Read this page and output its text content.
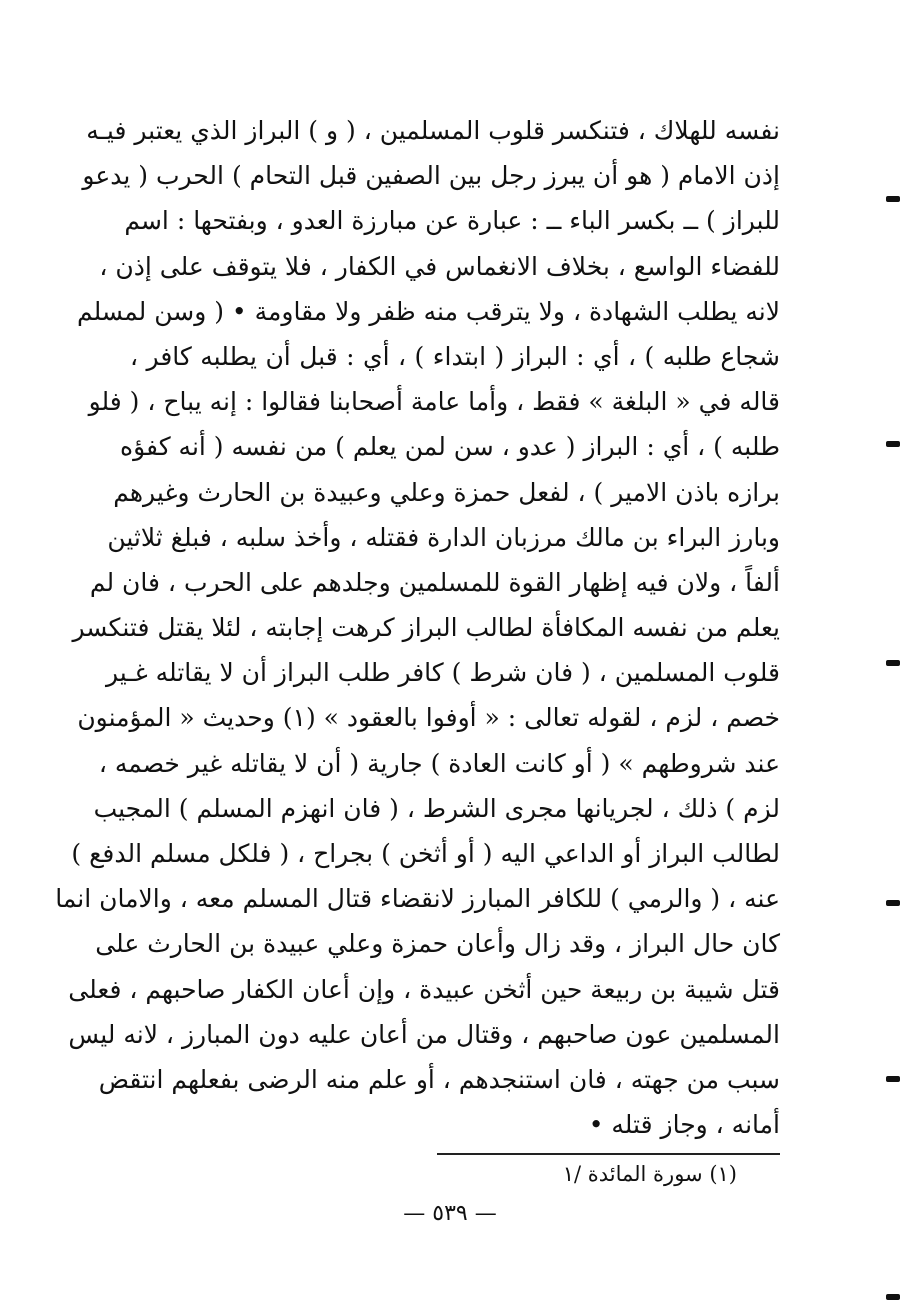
نفسه للهلاك ، فتنكسر قلوب المسلمين ، ( و ) البراز الذي يعتبر فيـه
إذن الامام ( هو أن يبرز رجل بين الصفين قبل التحام ) الحرب ( يدعو
للبراز ) ــ بكسر الباء ــ : عبارة عن مبارزة العدو ، وبفتحها : اسم
للفضاء الواسع ، بخلاف الانغماس في الكفار ، فلا يتوقف على إذن ،
لانه يطلب الشهادة ، ولا يترقب منه ظفر ولا مقاومة • ( وسن لمسلم
شجاع طلبه ) ، أي : البراز ( ابتداء ) ، أي : قبل أن يطلبه كافر ،
قاله في « البلغة » فقط ، وأما عامة أصحابنا فقالوا : إنه يباح ، ( فلو
طلبه ) ، أي : البراز ( عدو ، سن لمن يعلم ) من نفسه ( أنه كفؤه
برازه باذن الامير ) ، لفعل حمزة وعلي وعبيدة بن الحارث وغيرهم
وبارز البراء بن مالك مرزبان الدارة فقتله ، وأخذ سلبه ، فبلغ ثلاثين
ألفاً ، ولان فيه إظهار القوة للمسلمين وجلدهم على الحرب ، فان لم
يعلم من نفسه المكافأة لطالب البراز كرهت إجابته ، لئلا يقتل فتنكسر
قلوب المسلمين ، ( فان شرط ) كافر طلب البراز أن لا يقاتله غـير
خصم ، لزم ، لقوله تعالى : « أوفوا بالعقود » (١) وحديث « المؤمنون
عند شروطهم » ( أو كانت العادة ) جارية ( أن لا يقاتله غير خصمه ،
لزم ) ذلك ، لجريانها مجرى الشرط ، ( فان انهزم المسلم ) المجيب
لطالب البراز أو الداعي اليه ( أو أثخن ) بجراح ، ( فلكل مسلم الدفع )
عنه ، ( والرمي ) للكافر المبارز لانقضاء قتال المسلم معه ، والامان انما
كان حال البراز ، وقد زال وأعان حمزة وعلي عبيدة بن الحارث على
قتل شيبة بن ربيعة حين أثخن عبيدة ، وإن أعان الكفار صاحبهم ، فعلى
المسلمين عون صاحبهم ، وقتال من أعان عليه دون المبارز ، لانه ليس
سبب من جهته ، فان استنجدهم ، أو علم منه الرضى بفعلهم انتقض
أمانه ، وجاز قتله •
(١) سورة المائدة /١
— ٥٣٩ —
